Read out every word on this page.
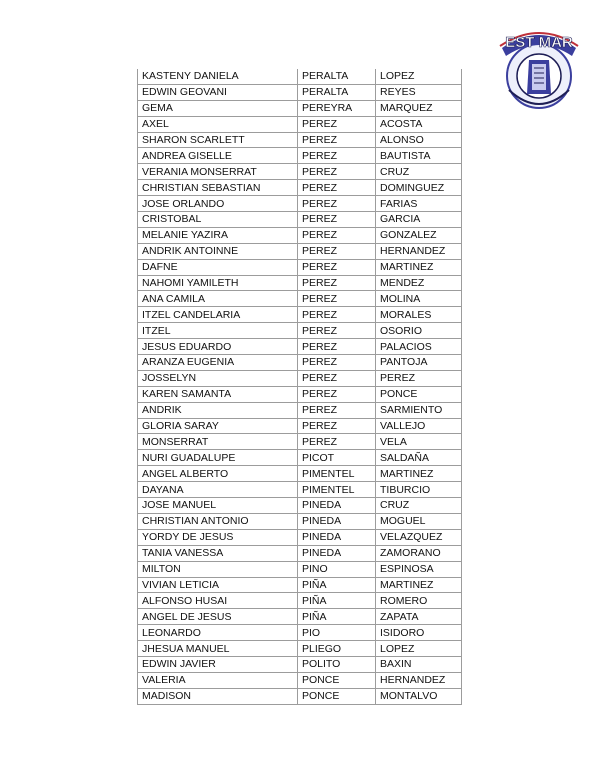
EST MAR
KASTENY DANIELA	PERALTA	LOPEZ
EDWIN GEOVANI	PERALTA	REYES
GEMA	PEREYRA	MARQUEZ
AXEL	PEREZ	ACOSTA
SHARON SCARLETT	PEREZ	ALONSO
ANDREA GISELLE	PEREZ	BAUTISTA
VERANIA MONSERRAT	PEREZ	CRUZ
CHRISTIAN SEBASTIAN	PEREZ	DOMINGUEZ
JOSE ORLANDO	PEREZ	FARIAS
CRISTOBAL	PEREZ	GARCIA
MELANIE YAZIRA	PEREZ	GONZALEZ
ANDRIK ANTOINNE	PEREZ	HERNANDEZ
DAFNE	PEREZ	MARTINEZ
NAHOMI YAMILETH	PEREZ	MENDEZ
ANA CAMILA	PEREZ	MOLINA
ITZEL CANDELARIA	PEREZ	MORALES
ITZEL	PEREZ	OSORIO
JESUS EDUARDO	PEREZ	PALACIOS
ARANZA EUGENIA	PEREZ	PANTOJA
JOSSELYN	PEREZ	PEREZ
KAREN SAMANTA	PEREZ	PONCE
ANDRIK	PEREZ	SARMIENTO
GLORIA SARAY	PEREZ	VALLEJO
MONSERRAT	PEREZ	VELA
NURI GUADALUPE	PICOT	SALDAÑA
ANGEL ALBERTO	PIMENTEL	MARTINEZ
DAYANA	PIMENTEL	TIBURCIO
JOSE MANUEL	PINEDA	CRUZ
CHRISTIAN ANTONIO	PINEDA	MOGUEL
YORDY DE JESUS	PINEDA	VELAZQUEZ
TANIA VANESSA	PINEDA	ZAMORANO
MILTON	PINO	ESPINOSA
VIVIAN LETICIA	PIÑA	MARTINEZ
ALFONSO HUSAI	PIÑA	ROMERO
ANGEL DE JESUS	PIÑA	ZAPATA
LEONARDO	PIO	ISIDORO
JHESUA MANUEL	PLIEGO	LOPEZ
EDWIN JAVIER	POLITO	BAXIN
VALERIA	PONCE	HERNANDEZ
MADISON	PONCE	MONTALVO
